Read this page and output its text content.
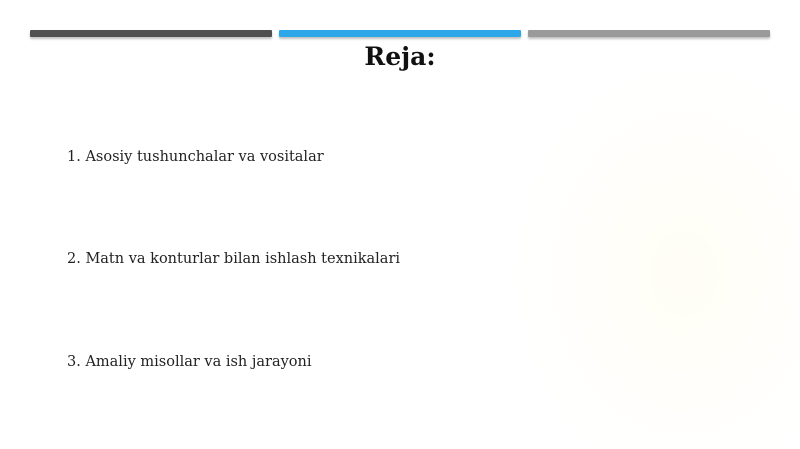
Reja:
1. Asosiy tushunchalar va vositalar
2. Matn va konturlar bilan ishlash texnikalari
3. Amaliy misollar va ish jarayoni
